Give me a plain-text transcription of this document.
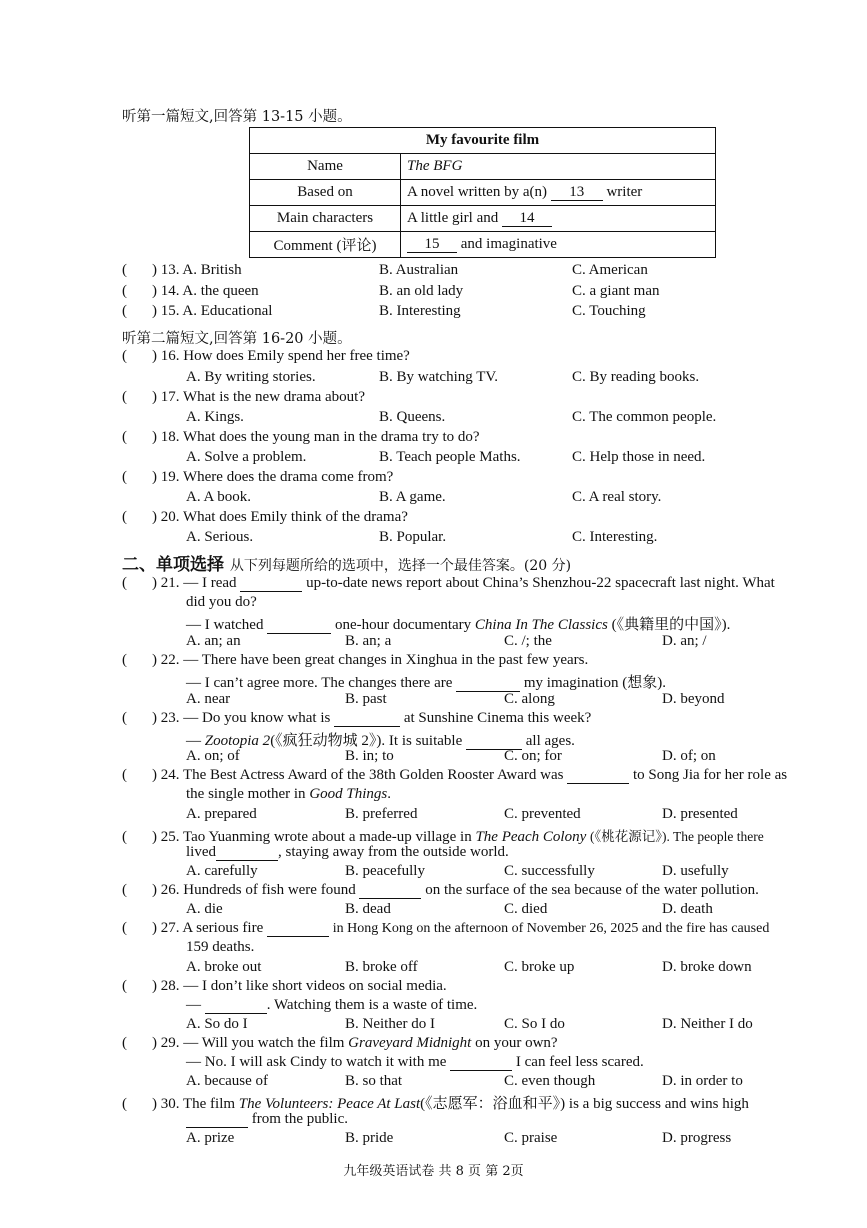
听第一篇短文,回答第 13-15 小题。
My favourite film	
Name	The BFG
Based on	A novel written by a(n) 13 writer
Main characters	A little girl and 14
Comment (评论)	15 and imaginative
( ) 13. A. British	B. Australian	C. American
( ) 14. A. the queen	B. an old lady	C. a giant man
( ) 15. A. Educational	B. Interesting	C. Touching
听第二篇短文,回答第 16-20 小题。
( ) 16. How does Emily spend her free time?
A. By writing stories.	B. By watching TV.	C. By reading books.
( ) 17. What is the new drama about?
A. Kings.	B. Queens.	C. The common people.
( ) 18. What does the young man in the drama try to do?
A. Solve a problem.	B. Teach people Maths.	C. Help those in need.
( ) 19. Where does the drama come from?
A. A book.	B. A game.	C. A real story.
( ) 20. What does Emily think of the drama?
A. Serious.	B. Popular.	C. Interesting.
二、单项选择 从下列每题所给的选项中，选择一个最佳答案。(20 分)
( ) 21. — I read	up-to-date news report about China’s Shenzhou-22 spacecraft last night. What
did you do?
— I watched	one-hour documentary China In The Classics (《典籍里的中国》).
A. an; an	B. an; a	C. /; the	D. an; /
( ) 22. — There have been great changes in Xinghua in the past few years.
— I can’t agree more. The changes there are	my imagination (想象).
A. near	B. past	C. along	D. beyond
( ) 23. — Do you know what is	at Sunshine Cinema this week?
— Zootopia 2(《疯狂动物城 2》). It is suitable	all ages.
A. on; of	B. in; to	C. on; for	D. of; on
( ) 24. The Best Actress Award of the 38th Golden Rooster Award was	to Song Jia for her role as
the single mother in Good Things.
A. prepared	B. preferred	C. prevented	D. presented
( ) 25. Tao Yuanming wrote about a made-up village in The Peach Colony (《桃花源记》). The people there
lived	, staying away from the outside world.
A. carefully	B. peacefully	C. successfully	D. usefully
( ) 26. Hundreds of fish were found	on the surface of the sea because of the water pollution.
A. die	B. dead	C. died	D. death
( ) 27. A serious fire	in Hong Kong on the afternoon of November 26, 2025 and the fire has caused
159 deaths.
A. broke out	B. broke off	C. broke up	D. broke down
( ) 28. — I don’t like short videos on social media.
—	. Watching them is a waste of time.
A. So do I	B. Neither do I	C. So I do	D. Neither I do
( ) 29. — Will you watch the film Graveyard Midnight on your own?
— No. I will ask Cindy to watch it with me	I can feel less scared.
A. because of	B. so that	C. even though	D. in order to
( ) 30. The film The Volunteers: Peace At Last(《志愿军：浴血和平》) is a big success and wins high
from the public.
A. prize	B. pride	C. praise	D. progress
九年级英语试卷 共 8 页 第 2页
